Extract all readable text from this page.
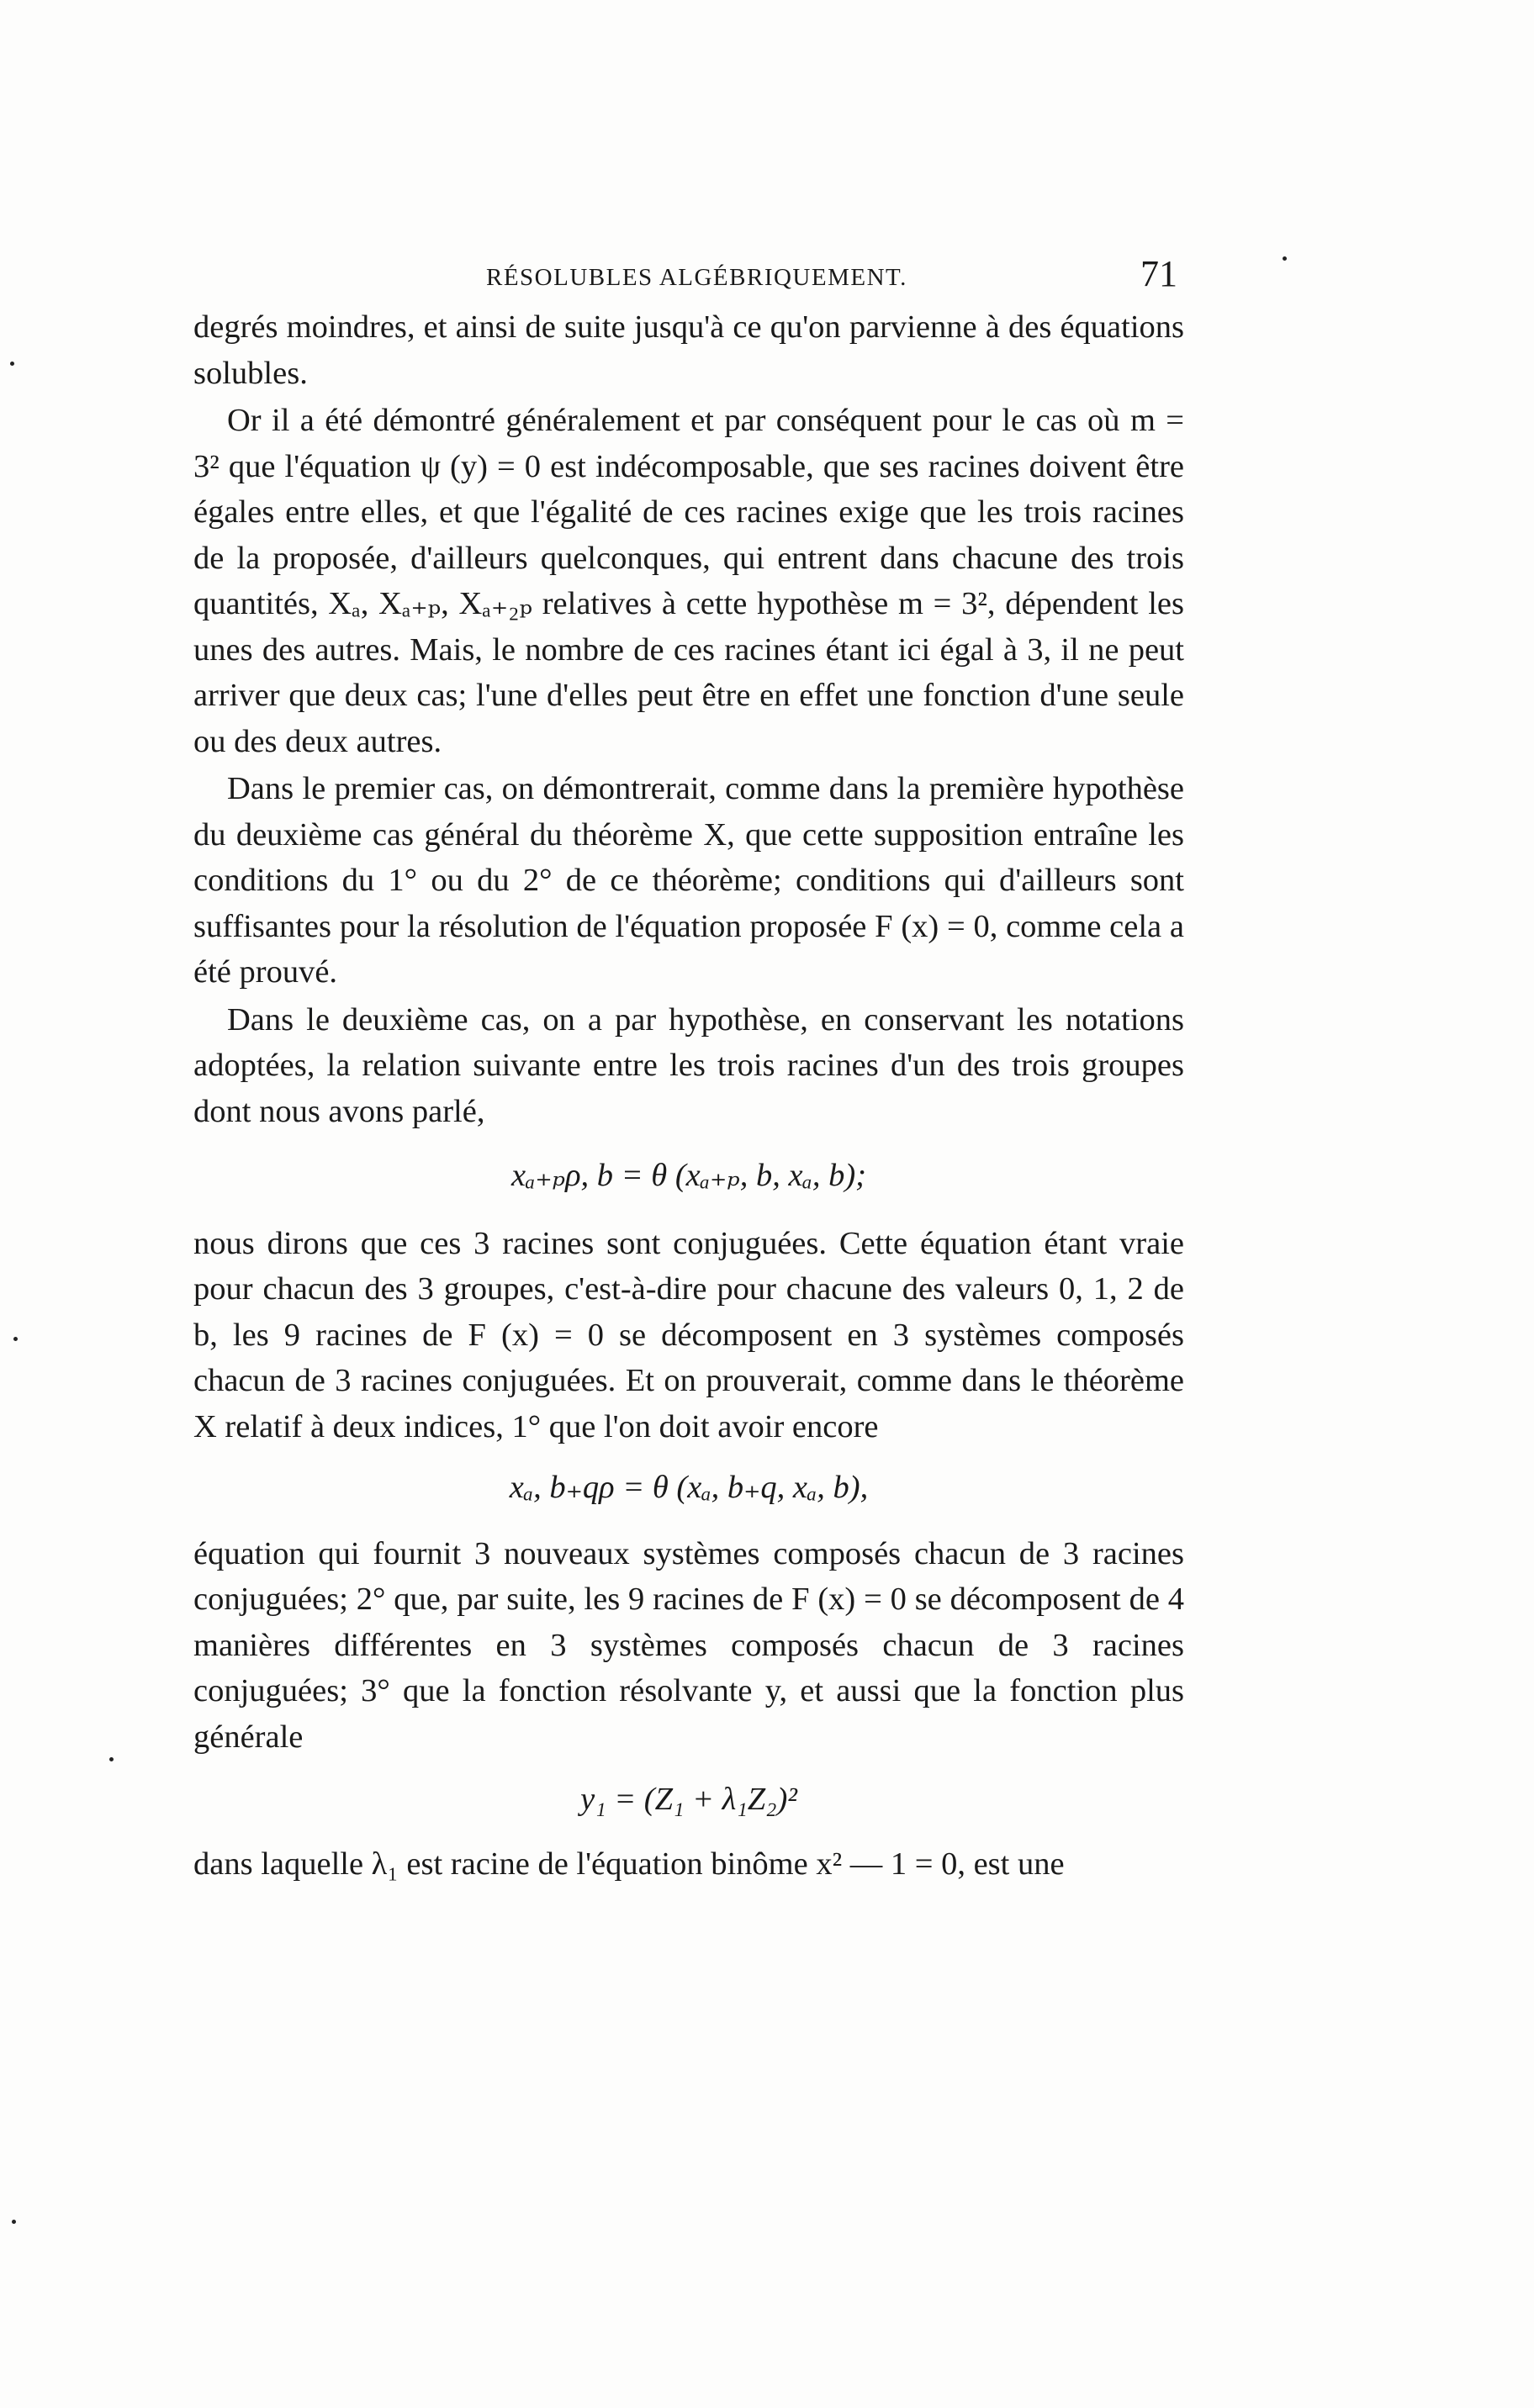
RÉSOLUBLES ALGÉBRIQUEMENT.	71

degrés moindres, et ainsi de suite jusqu'à ce qu'on parvienne à des équations solubles.

Or il a été démontré généralement et par conséquent pour le cas où m = 3² que l'équation ψ (y) = 0 est indécomposable, que ses racines doivent être égales entre elles, et que l'égalité de ces racines exige que les trois racines de la proposée, d'ailleurs quelconques, qui entrent dans chacune des trois quantités, Xₐ, Xₐ₊ₚ, Xₐ₊₂ₚ relatives à cette hypothèse m = 3², dépendent les unes des autres. Mais, le nombre de ces racines étant ici égal à 3, il ne peut arriver que deux cas; l'une d'elles peut être en effet une fonction d'une seule ou des deux autres.

Dans le premier cas, on démontrerait, comme dans la première hypothèse du deuxième cas général du théorème X, que cette supposition entraîne les conditions du 1° ou du 2° de ce théorème; conditions qui d'ailleurs sont suffisantes pour la résolution de l'équation proposée F (x) = 0, comme cela a été prouvé.

Dans le deuxième cas, on a par hypothèse, en conservant les notations adoptées, la relation suivante entre les trois racines d'un des trois groupes dont nous avons parlé,

xₐ₊ₚρ, b = θ (xₐ₊ₚ, b, xₐ, b);

nous dirons que ces 3 racines sont conjuguées. Cette équation étant vraie pour chacun des 3 groupes, c'est-à-dire pour chacune des valeurs 0, 1, 2 de b, les 9 racines de F (x) = 0 se décomposent en 3 systèmes composés chacun de 3 racines conjuguées. Et on prouverait, comme dans le théorème X relatif à deux indices, 1° que l'on doit avoir encore

xₐ, b₊qρ = θ (xₐ, b₊q, xₐ, b),

équation qui fournit 3 nouveaux systèmes composés chacun de 3 racines conjuguées; 2° que, par suite, les 9 racines de F (x) = 0 se décomposent de 4 manières différentes en 3 systèmes composés chacun de 3 racines conjuguées; 3° que la fonction résolvante y, et aussi que la fonction plus générale

y₁ = (Z₁ + λ₁Z₂)²

dans laquelle λ₁ est racine de l'équation binôme x² — 1 = 0, est une
